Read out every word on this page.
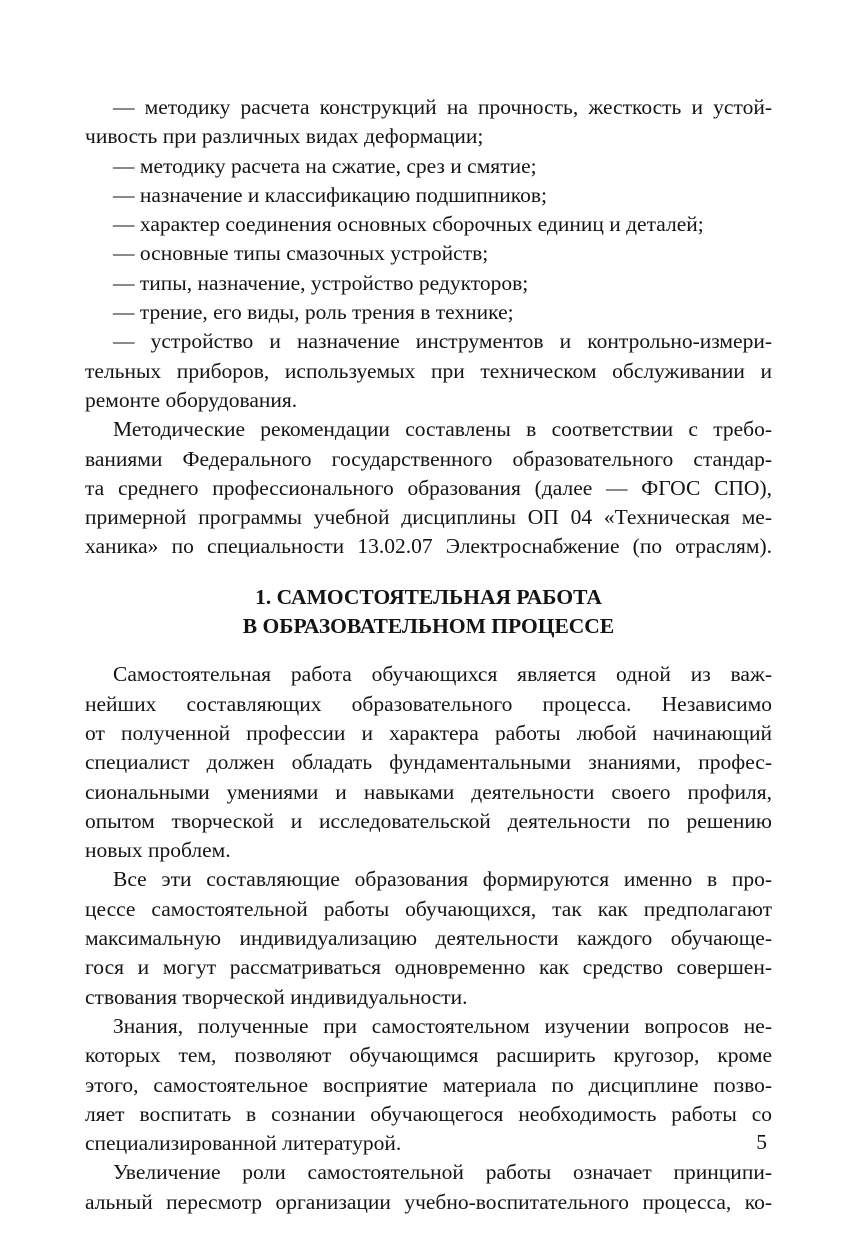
— методику расчета конструкций на прочность, жесткость и устой-
чивость при различных видах деформации;
— методику расчета на сжатие, срез и смятие;
— назначение и классификацию подшипников;
— характер соединения основных сборочных единиц и деталей;
— основные типы смазочных устройств;
— типы, назначение, устройство редукторов;
— трение, его виды, роль трения в технике;
— устройство и назначение инструментов и контрольно-измери-
тельных приборов, используемых при техническом обслуживании и
ремонте оборудования.
Методические рекомендации составлены в соответствии с требо-
ваниями Федерального государственного образовательного стандар-
та среднего профессионального образования (далее — ФГОС СПО),
примерной программы учебной дисциплины ОП 04 «Техническая ме-
ханика» по специальности 13.02.07 Электроснабжение (по отраслям).
1. САМОСТОЯТЕЛЬНАЯ РАБОТА
В ОБРАЗОВАТЕЛЬНОМ ПРОЦЕССЕ
Самостоятельная работа обучающихся является одной из важ-
нейших составляющих образовательного процесса. Независимо
от полученной профессии и характера работы любой начинающий
специалист должен обладать фундаментальными знаниями, профес-
сиональными умениями и навыками деятельности своего профиля,
опытом творческой и исследовательской деятельности по решению
новых проблем.
Все эти составляющие образования формируются именно в про-
цессе самостоятельной работы обучающихся, так как предполагают
максимальную индивидуализацию деятельности каждого обучающе-
гося и могут рассматриваться одновременно как средство совершен-
ствования творческой индивидуальности.
Знания, полученные при самостоятельном изучении вопросов не-
которых тем, позволяют обучающимся расширить кругозор, кроме
этого, самостоятельное восприятие материала по дисциплине позво-
ляет воспитать в сознании обучающегося необходимость работы со
специализированной литературой.
Увеличение роли самостоятельной работы означает принципи-
альный пересмотр организации учебно-воспитательного процесса, ко-
5
